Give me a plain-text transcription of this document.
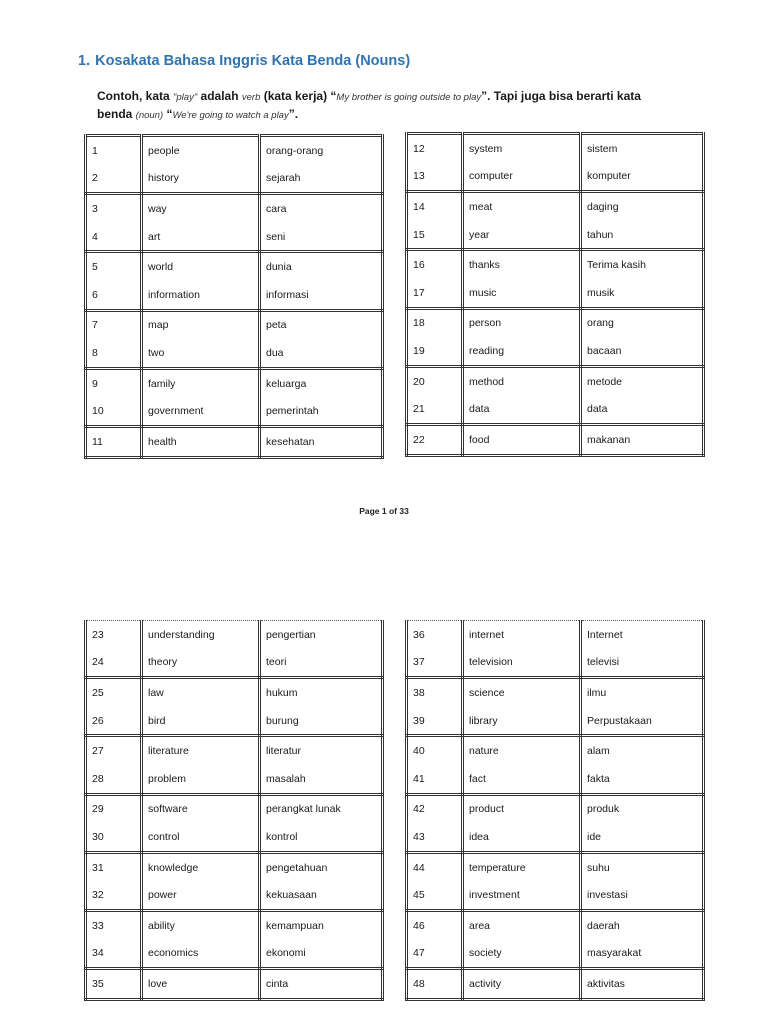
1. Kosakata Bahasa Inggris Kata Benda (Nouns)
Contoh, kata "play" adalah verb (kata kerja) “My brother is going outside to play”. Tapi juga bisa berarti kata benda (noun) “We're going to watch a play”.
1	people	orang-orang
2	history	sejarah
3	way	cara
4	art	seni
5	world	dunia
6	information	informasi
7	map	peta
8	two	dua
9	family	keluarga
10	government	pemerintah
11	health	kesehatan
12	system	sistem
13	computer	komputer
14	meat	daging
15	year	tahun
16	thanks	Terima kasih
17	music	musik
18	person	orang
19	reading	bacaan
20	method	metode
21	data	data
22	food	makanan
Page 1 of 33
23	understanding	pengertian
24	theory	teori
25	law	hukum
26	bird	burung
27	literature	literatur
28	problem	masalah
29	software	perangkat lunak
30	control	kontrol
31	knowledge	pengetahuan
32	power	kekuasaan
33	ability	kemampuan
34	economics	ekonomi
35	love	cinta
36	internet	Internet
37	television	televisi
38	science	ilmu
39	library	Perpustakaan
40	nature	alam
41	fact	fakta
42	product	produk
43	idea	ide
44	temperature	suhu
45	investment	investasi
46	area	daerah
47	society	masyarakat
48	activity	aktivitas
